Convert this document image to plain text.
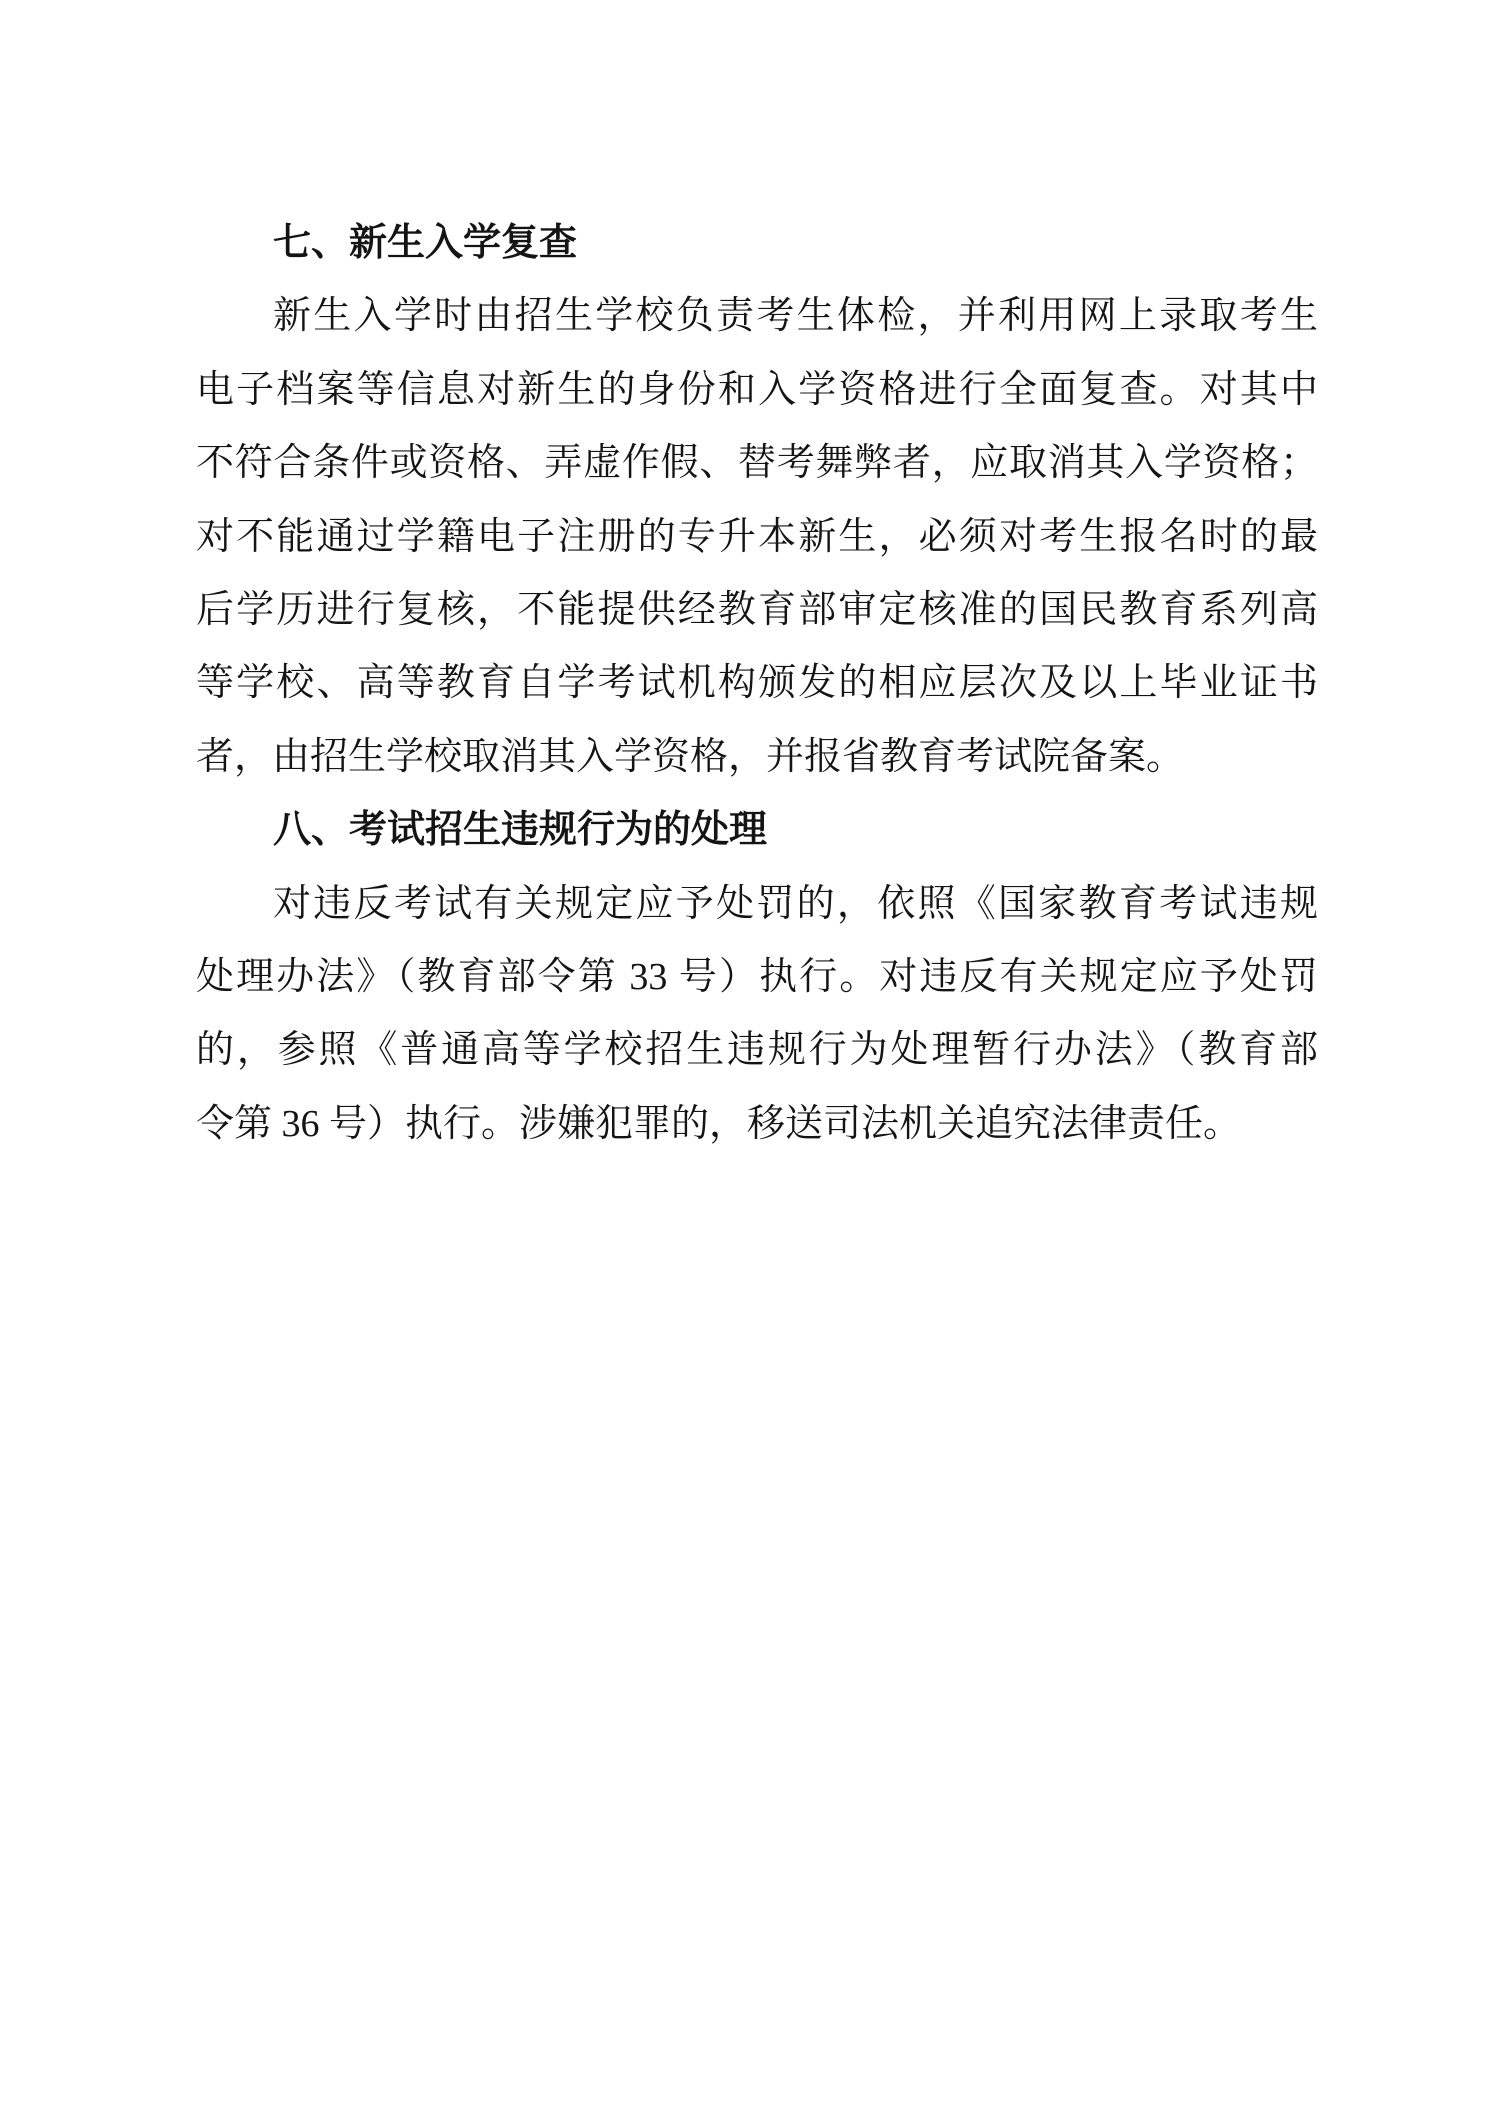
七、新生入学复查
新生入学时由招生学校负责考生体检，并利用网上录取考生
电子档案等信息对新生的身份和入学资格进行全面复查。对其中
不符合条件或资格、弄虚作假、替考舞弊者，应取消其入学资格；
对不能通过学籍电子注册的专升本新生，必须对考生报名时的最
后学历进行复核，不能提供经教育部审定核准的国民教育系列高
等学校、高等教育自学考试机构颁发的相应层次及以上毕业证书
者，由招生学校取消其入学资格，并报省教育考试院备案。
八、考试招生违规行为的处理
对违反考试有关规定应予处罚的，依照《国家教育考试违规
处理办法》（教育部令第 33 号）执行。对违反有关规定应予处罚
的，参照《普通高等学校招生违规行为处理暂行办法》（教育部
令第 36 号）执行。涉嫌犯罪的，移送司法机关追究法律责任。
